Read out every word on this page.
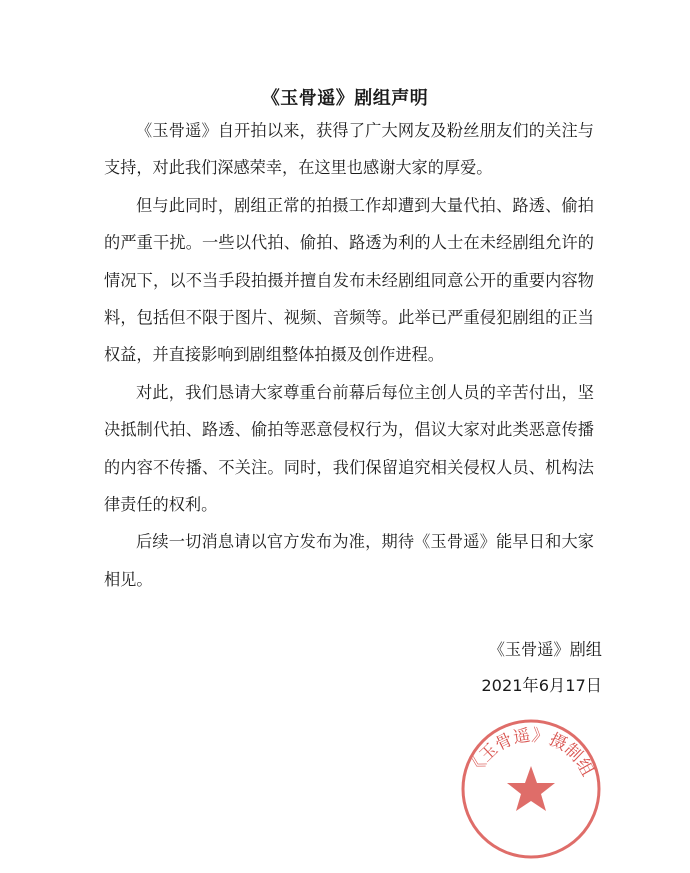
《玉骨遥》剧组声明
《玉骨遥》自开拍以来，获得了广大网友及粉丝朋友们的关注与
支持，对此我们深感荣幸，在这里也感谢大家的厚爱。
但与此同时，剧组正常的拍摄工作却遭到大量代拍、路透、偷拍
的严重干扰。一些以代拍、偷拍、路透为利的人士在未经剧组允许的
情况下，以不当手段拍摄并擅自发布未经剧组同意公开的重要内容物
料，包括但不限于图片、视频、音频等。此举已严重侵犯剧组的正当
权益，并直接影响到剧组整体拍摄及创作进程。
对此，我们恳请大家尊重台前幕后每位主创人员的辛苦付出，坚
决抵制代拍、路透、偷拍等恶意侵权行为，倡议大家对此类恶意传播
的内容不传播、不关注。同时，我们保留追究相关侵权人员、机构法
律责任的权利。
后续一切消息请以官方发布为准，期待《玉骨遥》能早日和大家
相见。
《玉骨遥》剧组
2021年6月17日
《玉骨遥》摄制组
